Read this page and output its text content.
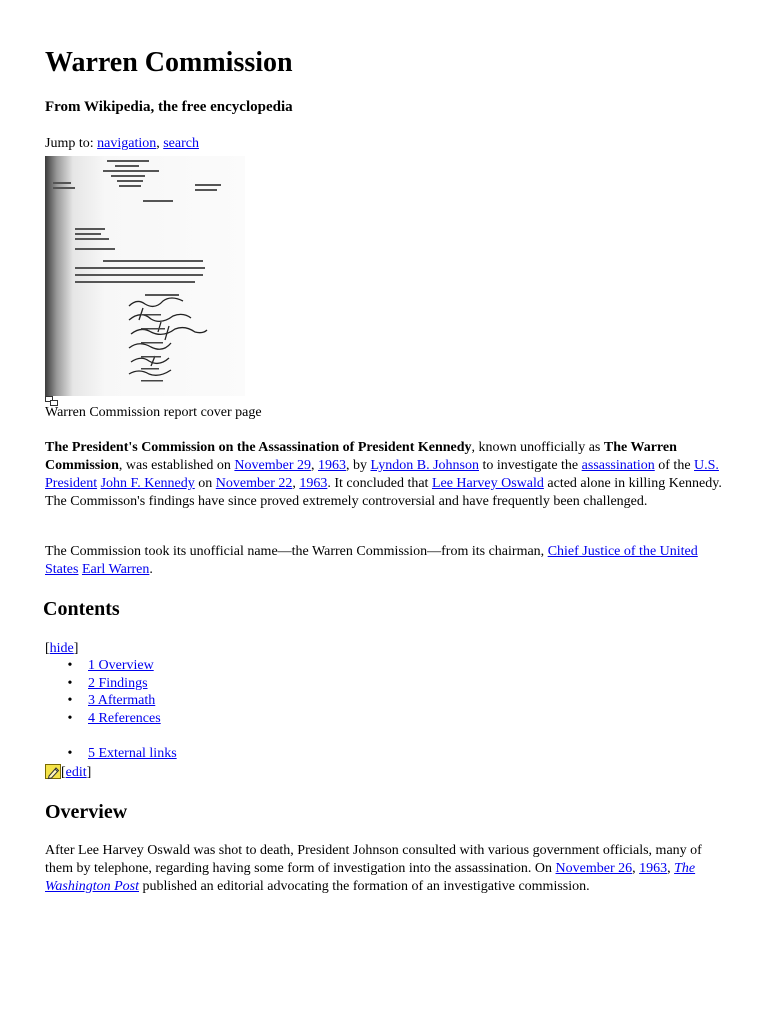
Warren Commission
From Wikipedia, the free encyclopedia
Jump to: navigation, search
Warren Commission report cover page

The President's Commission on the Assassination of President Kennedy, known unofficially as The Warren Commission, was established on November 29, 1963, by Lyndon B. Johnson to investigate the assassination of the U.S. President John F. Kennedy on November 22, 1963. It concluded that Lee Harvey Oswald acted alone in killing Kennedy. The Commisson's findings have since proved extremely controversial and have frequently been challenged.

The Commission took its unofficial name—the Warren Commission—from its chairman, Chief Justice of the United States Earl Warren.

Contents
[hide]
• 1 Overview
• 2 Findings
• 3 Aftermath
• 4 References
• 5 External links
[edit]
Overview

After Lee Harvey Oswald was shot to death, President Johnson consulted with various government officials, many of them by telephone, regarding having some form of investigation into the assassination. On November 26, 1963, The Washington Post published an editorial advocating the formation of an investigative commission.
